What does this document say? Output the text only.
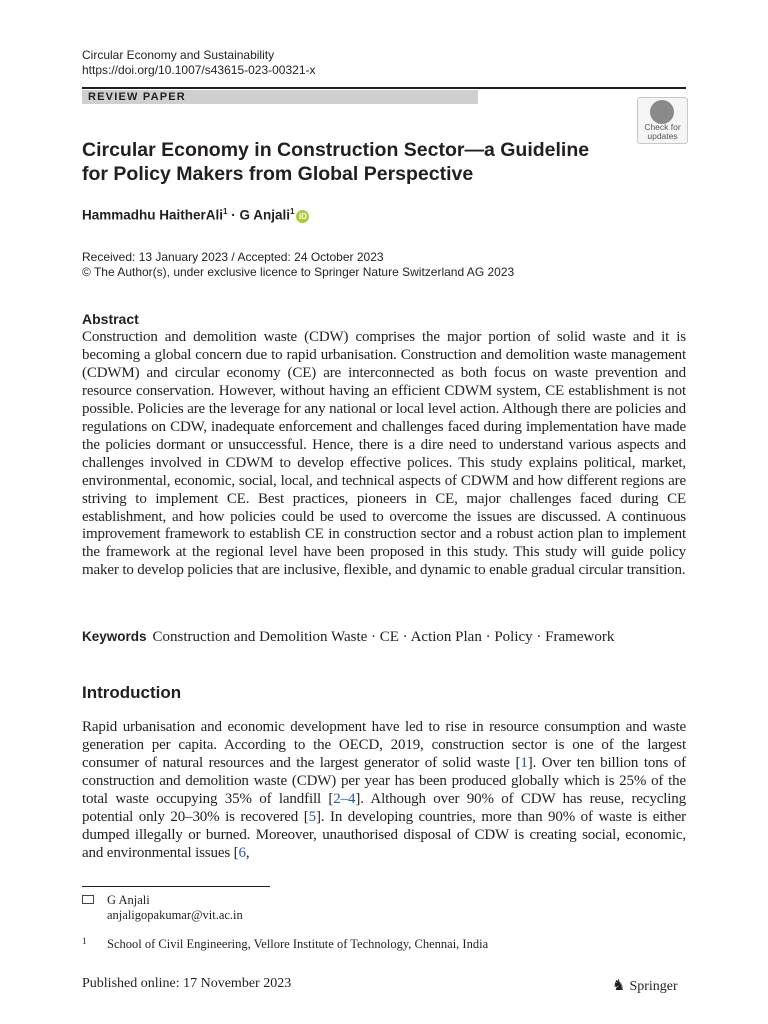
Circular Economy and Sustainability
https://doi.org/10.1007/s43615-023-00321-x
REVIEW PAPER
Check for
updates
Circular Economy in Construction Sector—a Guideline
for Policy Makers from Global Perspective
Hammadhu HaitherAli$^1$ · G Anjali$^1$ iD
Received: 13 January 2023 / Accepted: 24 October 2023
© The Author(s), under exclusive licence to Springer Nature Switzerland AG 2023
Abstract

Construction and demolition waste (CDW) comprises the major portion of solid waste and it is becoming a global concern due to rapid urbanisation. Construction and demolition waste management (CDWM) and circular economy (CE) are interconnected as both focus on waste prevention and resource conservation. However, without having an efficient CDWM system, CE establishment is not possible. Policies are the leverage for any national or local level action. Although there are policies and regulations on CDW, inadequate enforcement and challenges faced during implementation have made the policies dormant or unsuccessful. Hence, there is a dire need to understand various aspects and challenges involved in CDWM to develop effective polices. This study explains political, market, environmental, economic, social, local, and technical aspects of CDWM and how different regions are striving to implement CE. Best practices, pioneers in CE, major challenges faced during CE establishment, and how policies could be used to overcome the issues are discussed. A continuous improvement framework to establish CE in construction sector and a robust action plan to implement the framework at the regional level have been proposed in this study. This study will guide policy maker to develop policies that are inclusive, flexible, and dynamic to enable gradual circular transition.

Keywords Construction and Demolition Waste · CE · Action Plan · Policy · Framework
Introduction

Rapid urbanisation and economic development have led to rise in resource consumption and waste generation per capita. According to the OECD, 2019, construction sector is one of the largest consumer of natural resources and the largest generator of solid waste [1]. Over ten billion tons of construction and demolition waste (CDW) per year has been produced globally which is 25% of the total waste occupying 35% of landfill [2–4]. Although over 90% of CDW has reuse, recycling potential only 20–30% is recovered [5]. In developing countries, more than 90% of waste is either dumped illegally or burned. Moreover, unauthorised disposal of CDW is creating social, economic, and environmental issues [6,

G Anjali
anjaligopakumar@vit.ac.in
1 School of Civil Engineering, Vellore Institute of Technology, Chennai, India
Published online: 17 November 2023	♞ Springer
